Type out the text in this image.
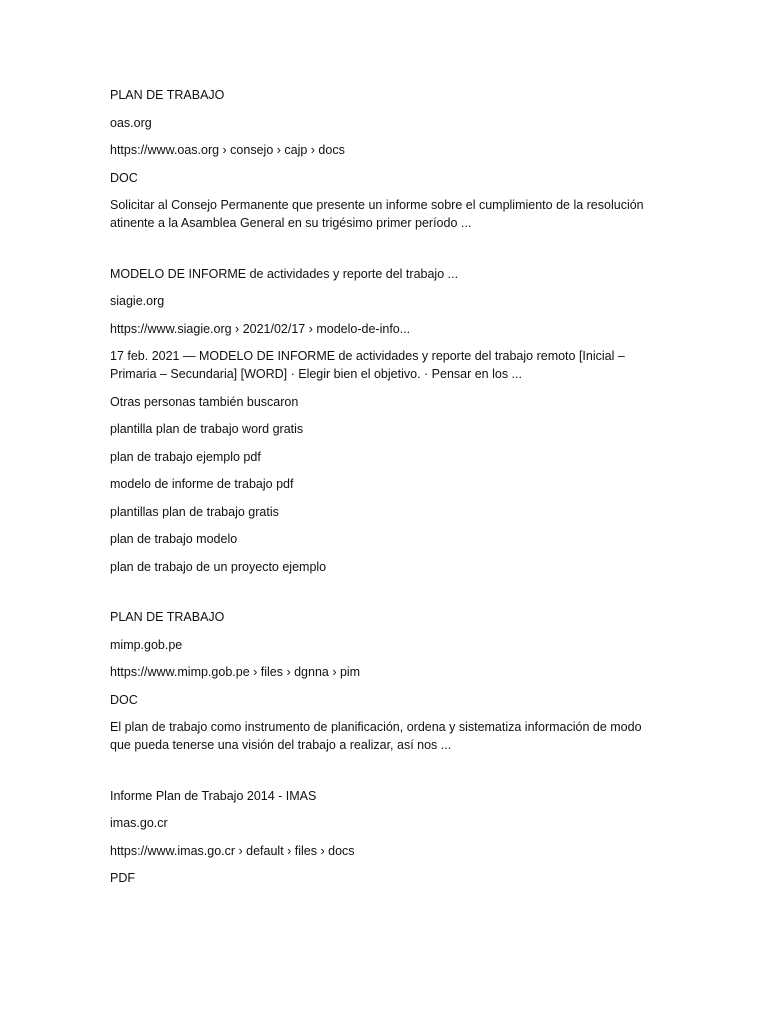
PLAN DE TRABAJO
oas.org
https://www.oas.org › consejo › cajp › docs
DOC
Solicitar al Consejo Permanente que presente un informe sobre el cumplimiento de la resolución atinente a la Asamblea General en su trigésimo primer período ...
MODELO DE INFORME de actividades y reporte del trabajo ...
siagie.org
https://www.siagie.org › 2021/02/17 › modelo-de-info...
17 feb. 2021 — MODELO DE INFORME de actividades y reporte del trabajo remoto [Inicial – Primaria – Secundaria] [WORD] · Elegir bien el objetivo. · Pensar en los ...
Otras personas también buscaron
plantilla plan de trabajo word gratis
plan de trabajo ejemplo pdf
modelo de informe de trabajo pdf
plantillas plan de trabajo gratis
plan de trabajo modelo
plan de trabajo de un proyecto ejemplo
PLAN DE TRABAJO
mimp.gob.pe
https://www.mimp.gob.pe › files › dgnna › pim
DOC
El plan de trabajo como instrumento de planificación, ordena y sistematiza información de modo que pueda tenerse una visión del trabajo a realizar, así nos ...
Informe Plan de Trabajo 2014 - IMAS
imas.go.cr
https://www.imas.go.cr › default › files › docs
PDF
